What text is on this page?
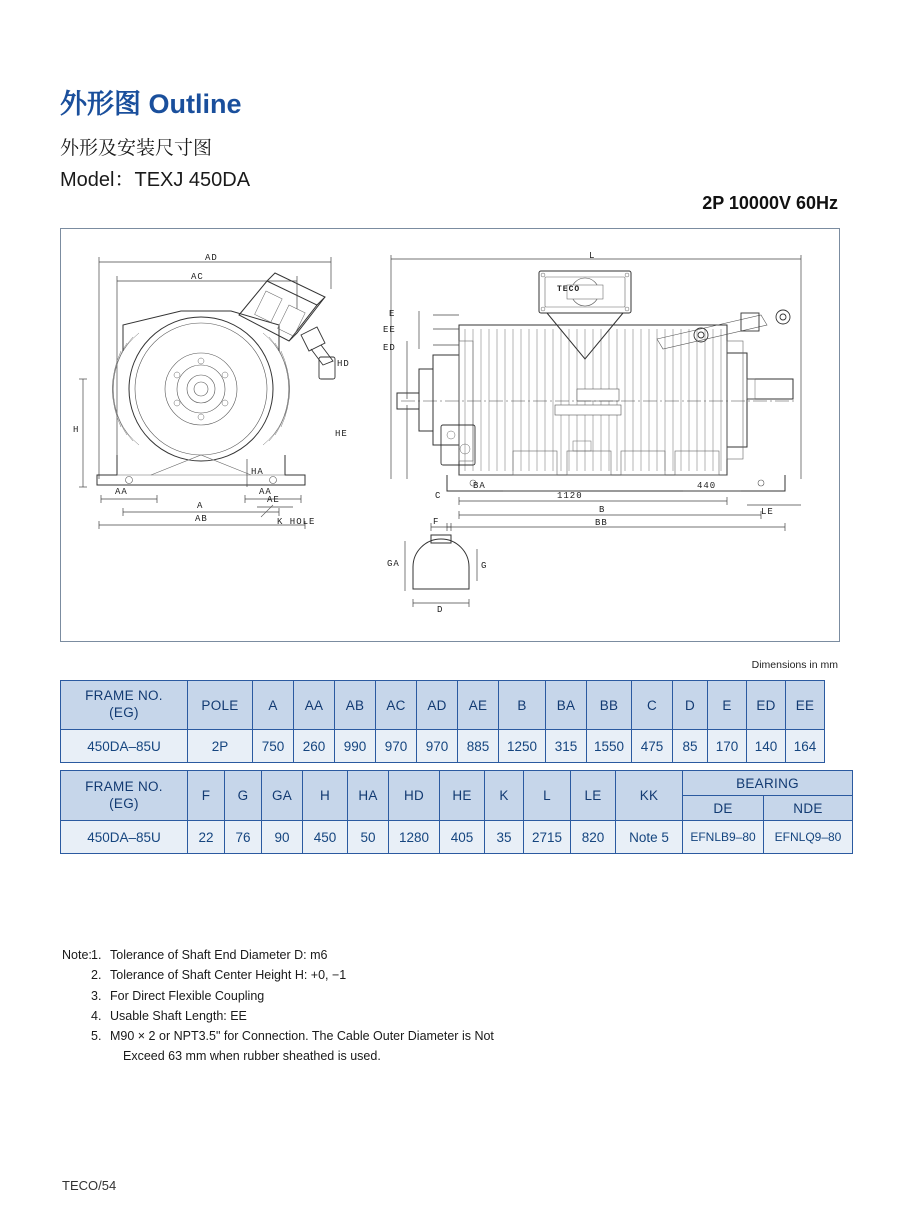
外形图 Outline
外形及安装尺寸图
Model：TEXJ 450DA
2P 10000V 60Hz
AD
AC
H
AA	AA
A
AB
AE
K HOLE
HA
L
E
EE
ED
HD
HE
C
BA
1120
440
B
BB
LE
F
GA	G
D
TECO
Dimensions in mm
FRAME NO.
(EG)	POLE	A	AA	AB	AC	AD	AE	B	BA	BB	C	D	E	ED	EE
450DA–85U	2P	750	260	990	970	970	885	1250	315	1550	475	85	170	140	164
FRAME NO.
(EG)	F	G	GA	H	HA	HD	HE	K	L	LE	KK	BEARING	
												DE	NDE
450DA–85U	22	76	90	450	50	1280	405	35	2715	820	Note 5	EFNLB9–80	EFNLQ9–80
Note: 1. Tolerance of Shaft End Diameter D: m6
2. Tolerance of Shaft Center Height H: +0, −1
3. For Direct Flexible Coupling
4. Usable Shaft Length: EE
5. M90 × 2 or NPT3.5" for Connection. The Cable Outer Diameter is Not
Exceed 63 mm when rubber sheathed is used.
TECO/54
